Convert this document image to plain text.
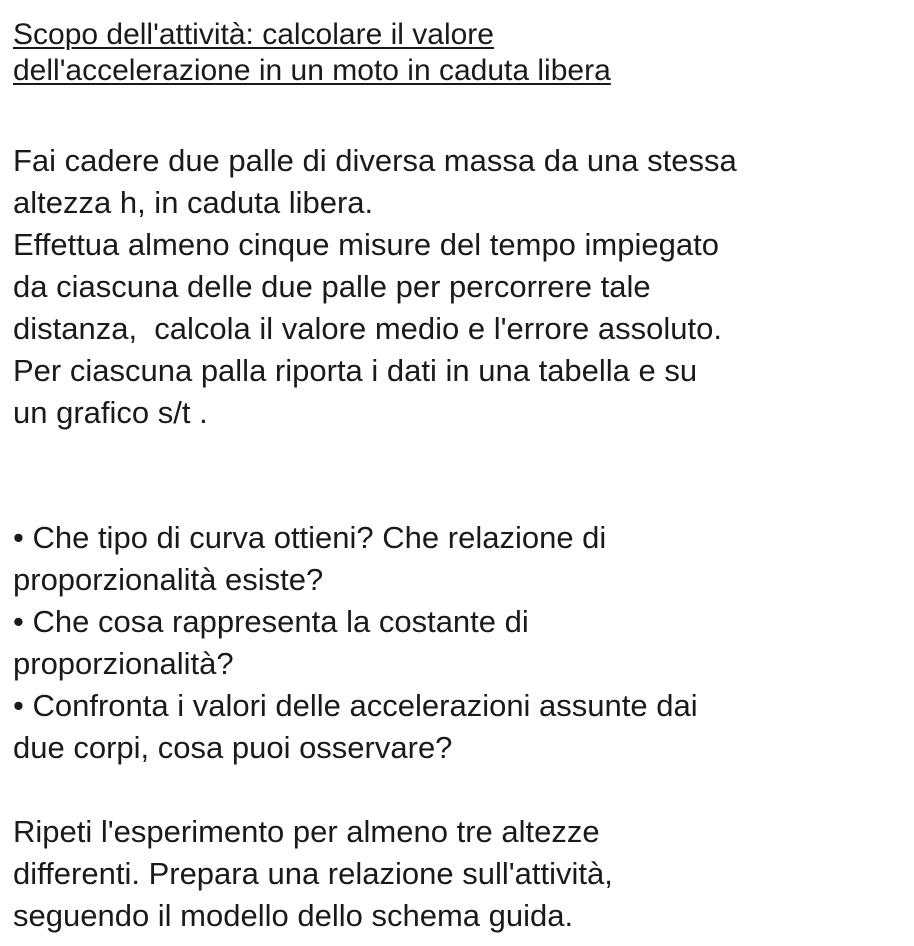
Scopo dell'attività: calcolare il valore
dell'accelerazione in un moto in caduta libera
Fai cadere due palle di diversa massa da una stessa
altezza h, in caduta libera.
Effettua almeno cinque misure del tempo impiegato
da ciascuna delle due palle per percorrere tale
distanza,  calcola il valore medio e l'errore assoluto.
Per ciascuna palla riporta i dati in una tabella e su
un grafico s/t .
• Che tipo di curva ottieni? Che relazione di
proporzionalità esiste?
• Che cosa rappresenta la costante di
proporzionalità?
• Confronta i valori delle accelerazioni assunte dai
due corpi, cosa puoi osservare?
Ripeti l'esperimento per almeno tre altezze
differenti. Prepara una relazione sull'attività,
seguendo il modello dello schema guida.
